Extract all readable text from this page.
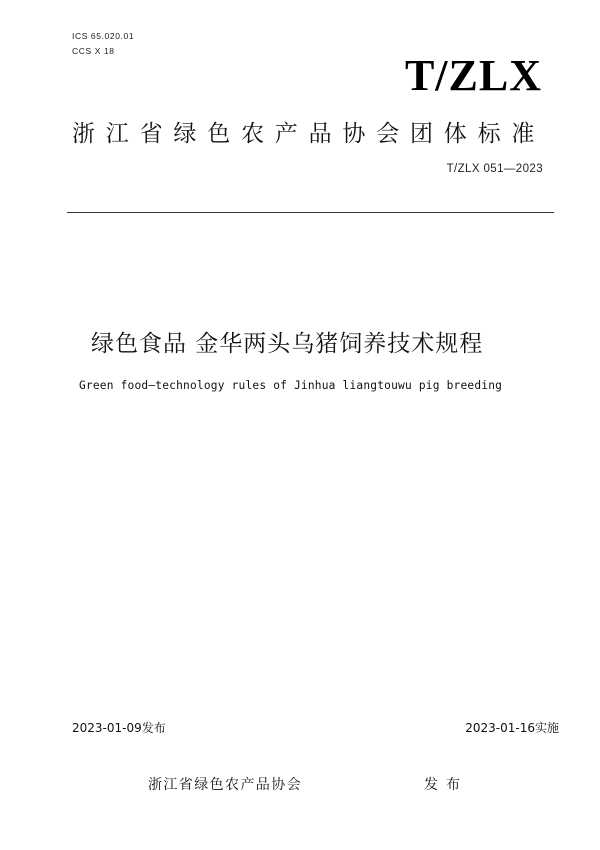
ICS 65.020.01

CCS X 18	T/ZLX
浙江省绿色农产品协会团体标准

T/ZLX 051—2023

绿色食品 金华两头乌猪饲养技术规程

Green food—technology rules of Jinhua liangtouwu pig breeding

2023-01-09发布	2023-01-16实施

浙江省绿色农产品协会	发布
